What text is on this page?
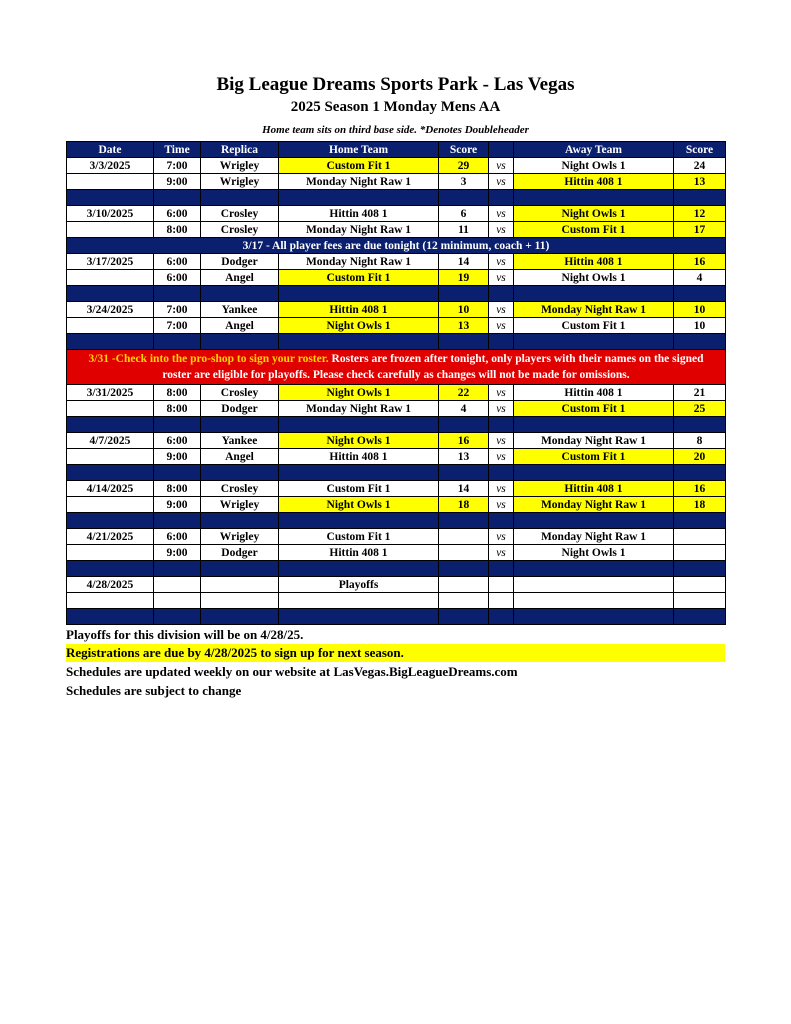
Big League Dreams Sports Park - Las Vegas
2025 Season 1 Monday Mens AA
Home team sits on third base side. *Denotes Doubleheader
Date	Time	Replica	Home Team	Score		Away Team	Score
3/3/2025	7:00	Wrigley	Custom Fit 1	29	vs	Night Owls 1	24
	9:00	Wrigley	Monday Night Raw 1	3	vs	Hittin 408 1	13

3/10/2025	6:00	Crosley	Hittin 408 1	6	vs	Night Owls 1	12
	8:00	Crosley	Monday Night Raw 1	11	vs	Custom Fit 1	17
3/17 - All player fees are due tonight (12 minimum, coach + 11)							
3/17/2025	6:00	Dodger	Monday Night Raw 1	14	vs	Hittin 408 1	16
	6:00	Angel	Custom Fit 1	19	vs	Night Owls 1	4

3/24/2025	7:00	Yankee	Hittin 408 1	10	vs	Monday Night Raw 1	10
	7:00	Angel	Night Owls 1	13	vs	Custom Fit 1	10

3/31 -Check into the pro-shop to sign your roster. Rosters are frozen after tonight, only players with their names on the signed roster are eligible for playoffs. Please check carefully as changes will not be made for omissions.							
3/31/2025	8:00	Crosley	Night Owls 1	22	vs	Hittin 408 1	21
	8:00	Dodger	Monday Night Raw 1	4	vs	Custom Fit 1	25

4/7/2025	6:00	Yankee	Night Owls 1	16	vs	Monday Night Raw 1	8
	9:00	Angel	Hittin 408 1	13	vs	Custom Fit 1	20

4/14/2025	8:00	Crosley	Custom Fit 1	14	vs	Hittin 408 1	16
	9:00	Wrigley	Night Owls 1	18	vs	Monday Night Raw 1	18

4/21/2025	6:00	Wrigley	Custom Fit 1		vs	Monday Night Raw 1	
	9:00	Dodger	Hittin 408 1		vs	Night Owls 1	

4/28/2025			Playoffs				

Playoffs for this division will be on 4/28/25.
Registrations are due by 4/28/2025 to sign up for next season.
Schedules are updated weekly on our website at LasVegas.BigLeagueDreams.com
Schedules are subject to change
